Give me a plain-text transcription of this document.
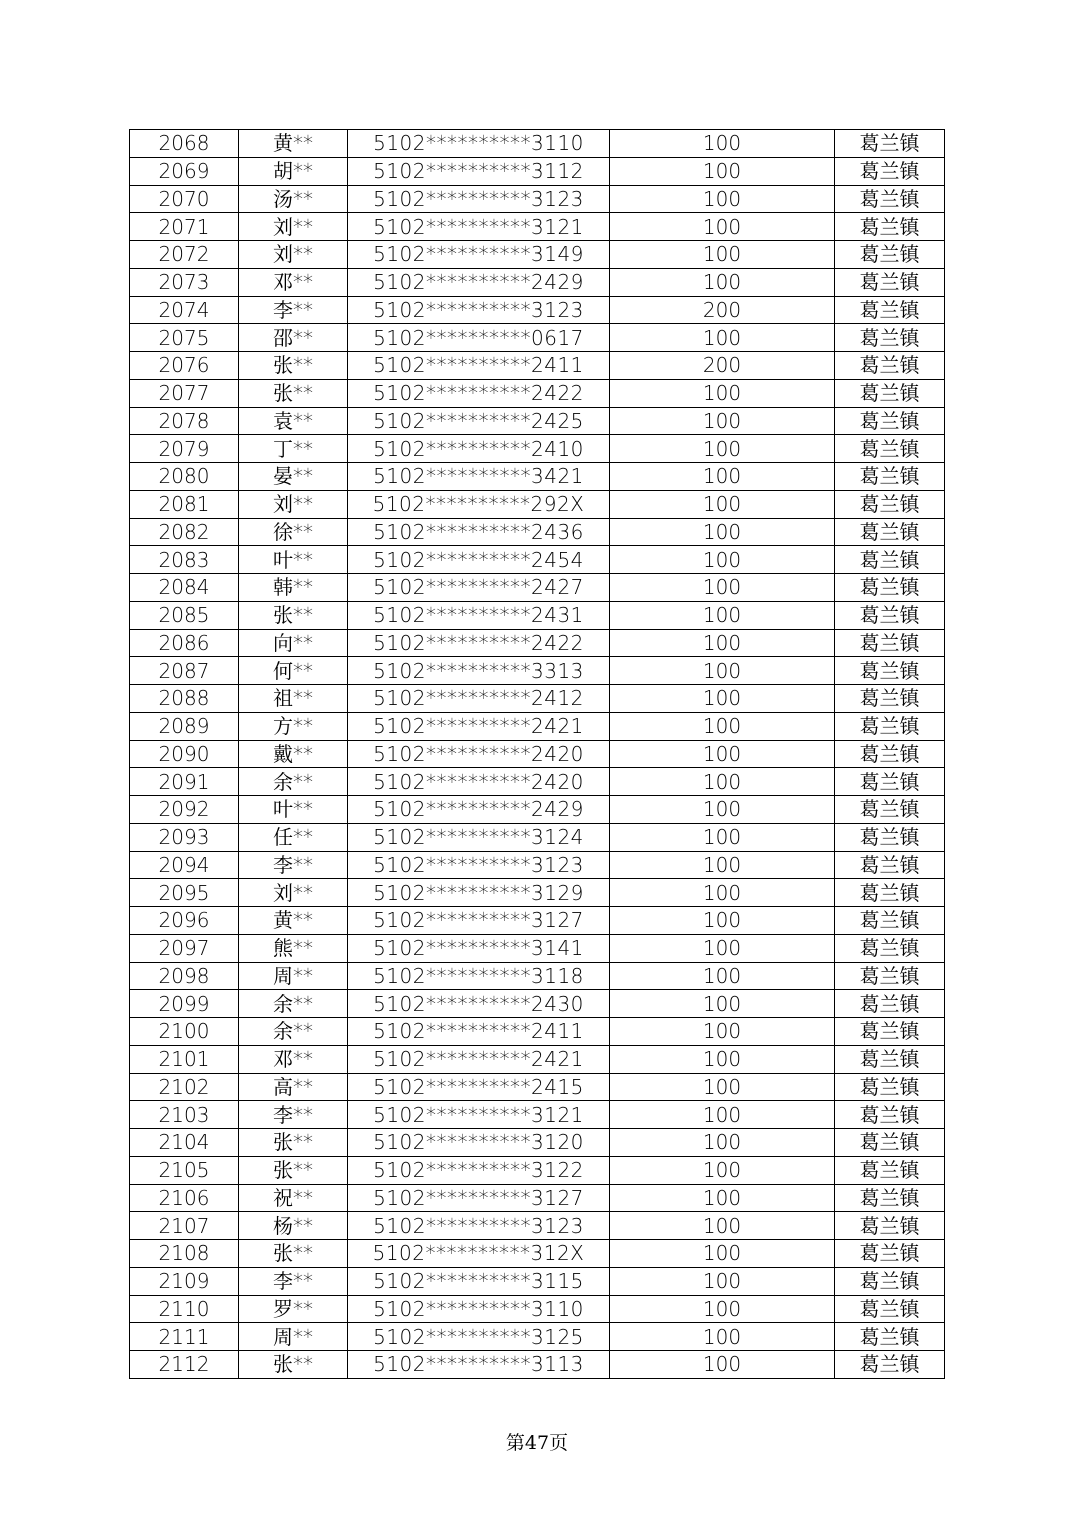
2068	黄**	5102**********3110	100	葛兰镇
2069	胡**	5102**********3112	100	葛兰镇
2070	汤**	5102**********3123	100	葛兰镇
2071	刘**	5102**********3121	100	葛兰镇
2072	刘**	5102**********3149	100	葛兰镇
2073	邓**	5102**********2429	100	葛兰镇
2074	李**	5102**********3123	200	葛兰镇
2075	邵**	5102**********0617	100	葛兰镇
2076	张**	5102**********2411	200	葛兰镇
2077	张**	5102**********2422	100	葛兰镇
2078	袁**	5102**********2425	100	葛兰镇
2079	丁**	5102**********2410	100	葛兰镇
2080	晏**	5102**********3421	100	葛兰镇
2081	刘**	5102**********292X	100	葛兰镇
2082	徐**	5102**********2436	100	葛兰镇
2083	叶**	5102**********2454	100	葛兰镇
2084	韩**	5102**********2427	100	葛兰镇
2085	张**	5102**********2431	100	葛兰镇
2086	向**	5102**********2422	100	葛兰镇
2087	何**	5102**********3313	100	葛兰镇
2088	祖**	5102**********2412	100	葛兰镇
2089	方**	5102**********2421	100	葛兰镇
2090	戴**	5102**********2420	100	葛兰镇
2091	余**	5102**********2420	100	葛兰镇
2092	叶**	5102**********2429	100	葛兰镇
2093	任**	5102**********3124	100	葛兰镇
2094	李**	5102**********3123	100	葛兰镇
2095	刘**	5102**********3129	100	葛兰镇
2096	黄**	5102**********3127	100	葛兰镇
2097	熊**	5102**********3141	100	葛兰镇
2098	周**	5102**********3118	100	葛兰镇
2099	余**	5102**********2430	100	葛兰镇
2100	余**	5102**********2411	100	葛兰镇
2101	邓**	5102**********2421	100	葛兰镇
2102	高**	5102**********2415	100	葛兰镇
2103	李**	5102**********3121	100	葛兰镇
2104	张**	5102**********3120	100	葛兰镇
2105	张**	5102**********3122	100	葛兰镇
2106	祝**	5102**********3127	100	葛兰镇
2107	杨**	5102**********3123	100	葛兰镇
2108	张**	5102**********312X	100	葛兰镇
2109	李**	5102**********3115	100	葛兰镇
2110	罗**	5102**********3110	100	葛兰镇
2111	周**	5102**********3125	100	葛兰镇
2112	张**	5102**********3113	100	葛兰镇
第47页
